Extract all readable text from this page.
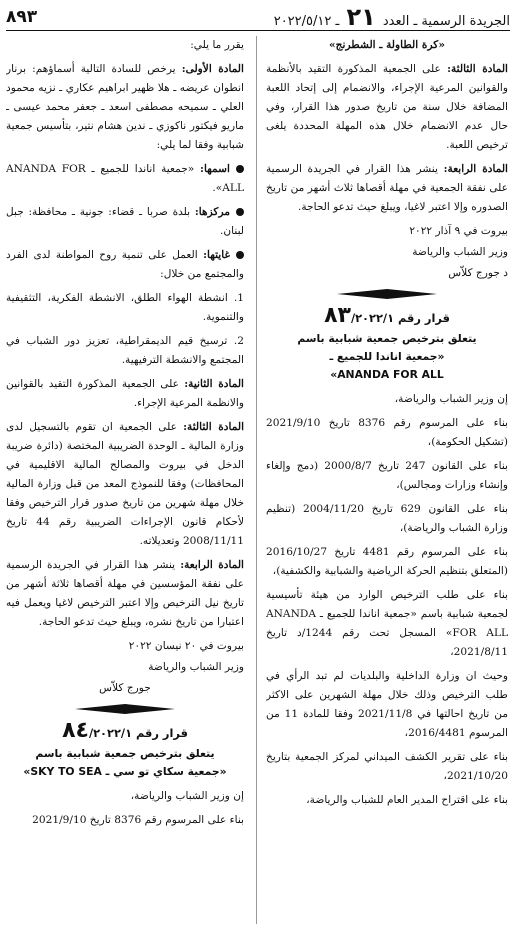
الجريدة الرسمية ـ العدد ٢١ ـ ٢٠٢٢/٥/١٢
٨٩٣

«كرة الطاولة ـ الشطرنج»

المادة الثالثة: على الجمعية المذكورة التقيد بالأنظمة والقوانين المرعية الإجراء، والانضمام إلى إتحاد اللعبة المضافة خلال سنة من تاريخ صدور هذا القرار، وفي حال عدم الانضمام خلال هذه المهلة المحددة يلغى ترخيص اللعبة.

المادة الرابعة: ينشر هذا القرار في الجريدة الرسمية على نفقة الجمعية في مهلة أقصاها ثلاث أشهر من تاريخ الصدوره وإلا اعتبر لاغيا، ويبلغ حيث تدعو الحاجة.

بيروت في ٩ آذار ٢٠٢٢

وزير الشباب والرياضة

د جورج كلاّس

قرار رقم ٨٣/٢٠٢٢/١

يتعلق بترخيص جمعية شبابية باسم

«جمعية اناندا للجميع ـ

ANANDA FOR ALL»

إن وزير الشباب والرياضة،

بناء على المرسوم رقم 8376 تاريخ 2021/9/10 (تشكيل الحكومة)،

بناء على القانون 247 تاريخ 2000/8/7 (دمج وإلغاء وإنشاء وزارات ومجالس)،

بناء على القانون 629 تاريخ 2004/11/20 (تنظيم وزارة الشباب والرياضة)،

بناء على المرسوم رقم 4481 تاريخ 2016/10/27 (المتعلق بتنظيم الحركة الرياضية والشبابية والكشفية)،

بناء على طلب الترخيص الوارد من هيئة تأسيسية لجمعية شبابية باسم «جمعية اناندا للجميع ـ ANANDA FOR ALL» المسجل تحت رقم 1244/د تاريخ 2021/8/11،

وحيث ان وزارة الداخلية والبلديات لم تبد الرأي في طلب الترخيص وذلك خلال مهلة الشهرين على الاكثر من تاريخ احالتها في 2021/11/8 وفقا للمادة 11 من المرسوم 2016/4481،

بناء على تقرير الكشف الميداني لمركز الجمعية بتاريخ 2021/10/20،

بناء على اقتراح المدير العام للشباب والرياضة،

يقرر ما يلي:

المادة الأولى: يرخص للسادة التالية أسماؤهم: برنار انطوان عريضه ـ هلا ظهير ابراهيم عكاري ـ نزيه محمود العلي ـ سميحه مصطفى اسعد ـ جعفر محمد عيسى ـ ماريو فيكتور ناكوزي ـ ندين هشام نتير، بتأسيس جمعية شبابية وفقا لما يلي:

اسمها: «جمعية اناندا للجميع ـ ANANDA FOR ALL».

مركزها: بلدة صربا ـ قضاء: جونية ـ محافظة: جبل لبنان.

غايتها: العمل على تنمية روح المواطنة لدى الفرد والمجتمع من خلال:

1. انشطة الهواء الطلق، الانشطة الفكرية، التثقيفية والتنموية.

2. ترسيخ قيم الديمقراطية، تعزيز دور الشباب في المجتمع والانشطة الترفيهية.

المادة الثانية: على الجمعية المذكورة التقيد بالقوانين والانظمة المرعية الإجراء.

المادة الثالثة: على الجمعية ان تقوم بالتسجيل لدى وزارة المالية ـ الوحدة الضريبية المختصة (دائرة ضريبة الدخل في بيروت والمصالح المالية الاقليمية في المحافظات) وفقا للنموذج المعد من قبل وزارة المالية خلال مهلة شهرين من تاريخ صدور قرار الترخيص وفقا لأحكام قانون الإجراءات الضريبية رقم 44 تاريخ 2008/11/11 وتعديلاته.

المادة الرابعة: ينشر هذا القرار في الجريدة الرسمية على نفقة المؤسسين في مهلة أقصاها ثلاثة أشهر من تاريخ نيل الترخيص وإلا اعتبر الترخيص لاغيا ويعمل فيه اعتبارا من تاريخ نشره، ويبلغ حيث تدعو الحاجة.

بيروت في ٢٠ نيسان ٢٠٢٢

وزير الشباب والرياضة

جورج كلاّس

قرار رقم ٨٤/٢٠٢٢/١

يتعلق بترخيص جمعية شبابية باسم

«جمعية سكاي تو سي ـ SKY TO SEA»

إن وزير الشباب والرياضة،

بناء على المرسوم رقم 8376 تاريخ 2021/9/10
